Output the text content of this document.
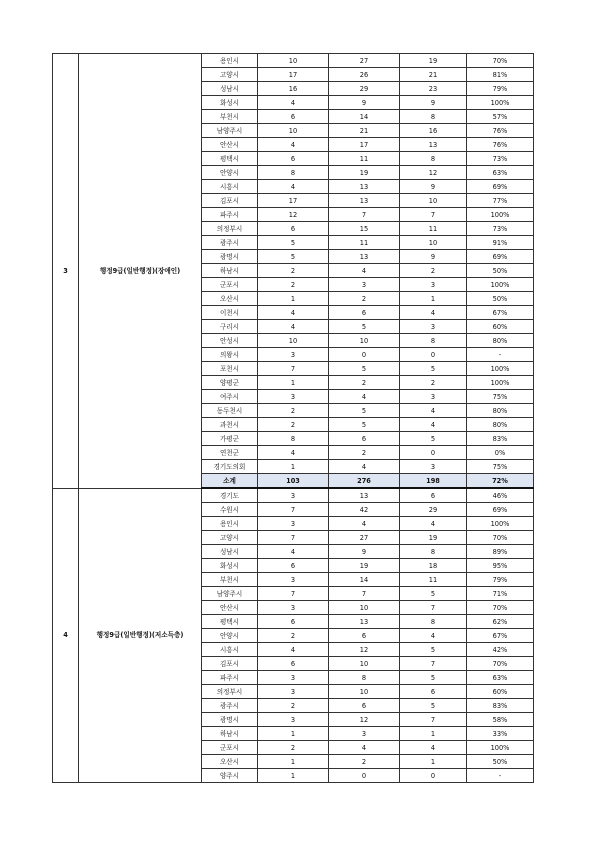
3	행정9급(일반행정)(장애인)	용인시	10	27	19	70%
		고양시	17	26	21	81%
		성남시	16	29	23	79%
		화성시	4	9	9	100%
		부천시	6	14	8	57%
		남양주시	10	21	16	76%
		안산시	4	17	13	76%
		평택시	6	11	8	73%
		안양시	8	19	12	63%
		시흥시	4	13	9	69%
		김포시	17	13	10	77%
		파주시	12	7	7	100%
		의정부시	6	15	11	73%
		광주시	5	11	10	91%
		광명시	5	13	9	69%
		하남시	2	4	2	50%
		군포시	2	3	3	100%
		오산시	1	2	1	50%
		이천시	4	6	4	67%
		구리시	4	5	3	60%
		안성시	10	10	8	80%
		의왕시	3	0	0	-
		포천시	7	5	5	100%
		양평군	1	2	2	100%
		여주시	3	4	3	75%
		동두천시	2	5	4	80%
		과천시	2	5	4	80%
		가평군	8	6	5	83%
		연천군	4	2	0	0%
		경기도의회	1	4	3	75%
		소계	103	276	198	72%
4	행정9급(일반행정)(저소득층)	경기도	3	13	6	46%
		수원시	7	42	29	69%
		용인시	3	4	4	100%
		고양시	7	27	19	70%
		성남시	4	9	8	89%
		화성시	6	19	18	95%
		부천시	3	14	11	79%
		남양주시	7	7	5	71%
		안산시	3	10	7	70%
		평택시	6	13	8	62%
		안양시	2	6	4	67%
		시흥시	4	12	5	42%
		김포시	6	10	7	70%
		파주시	3	8	5	63%
		의정부시	3	10	6	60%
		광주시	2	6	5	83%
		광명시	3	12	7	58%
		하남시	1	3	1	33%
		군포시	2	4	4	100%
		오산시	1	2	1	50%
		양주시	1	0	0	-
